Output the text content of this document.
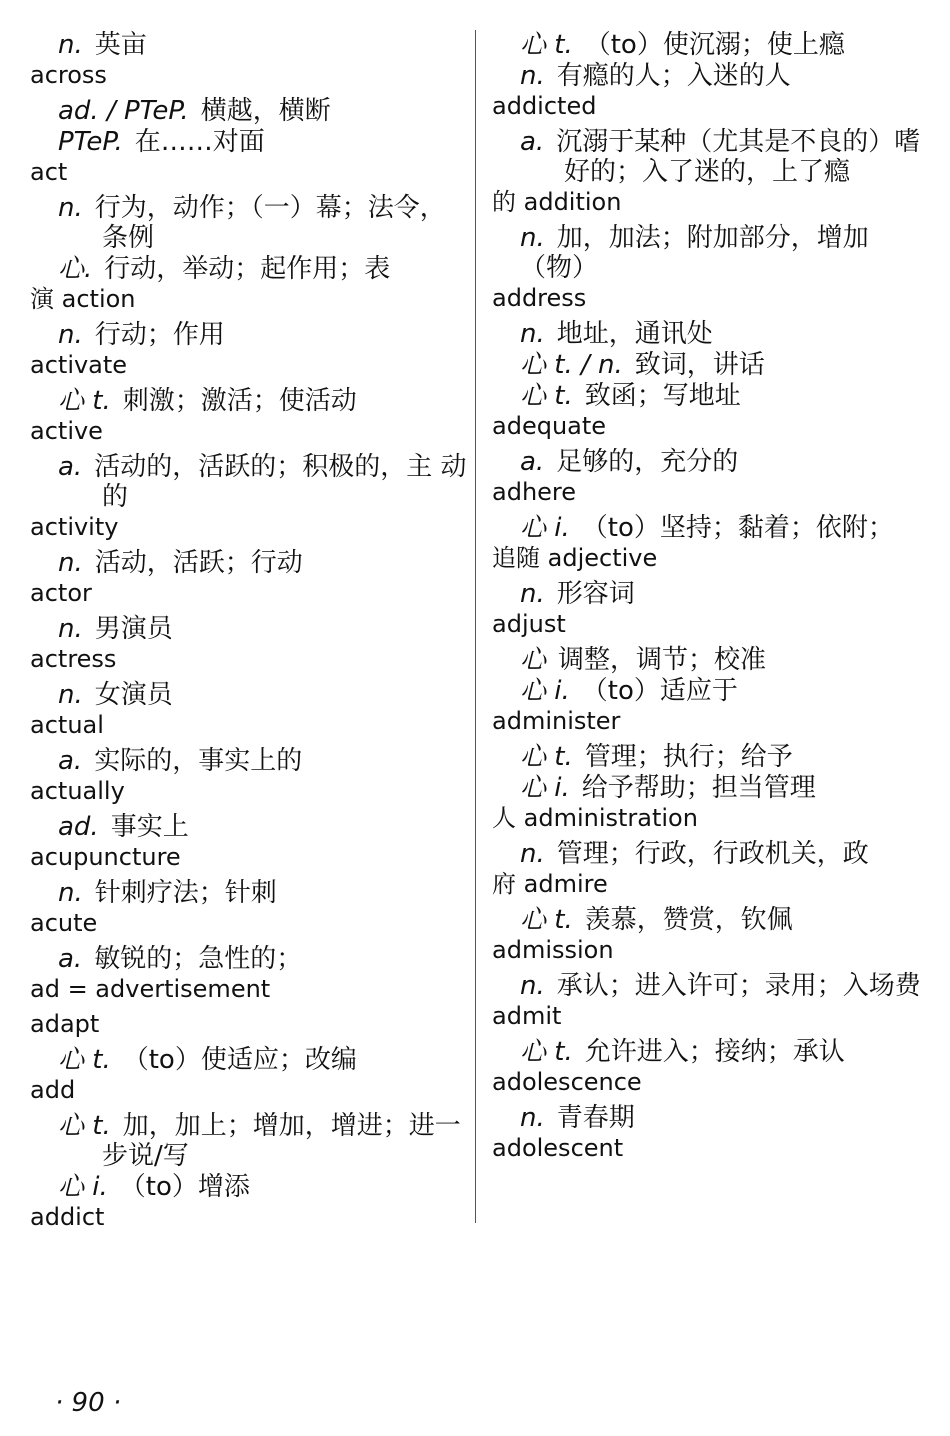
n. 英亩
across
ad. / PTeP. 横越，横断
PTeP. 在……对面
act
n. 行为，动作；（一）幕；法令，条例
心. 行动，举动；起作用；表
演 action
n. 行动；作用
activate
心 t. 刺激；激活；使活动
active
a. 活动的，活跃的；积极的，主 动的
activity
n. 活动，活跃；行动
actor
n. 男演员
actress
n. 女演员
actual
a. 实际的，事实上的
actually
ad. 事实上
acupuncture
n. 针刺疗法；针刺
acute
a. 敏锐的；急性的；
ad = advertisement
adapt
心 t. （to）使适应；改编
add
心 t. 加，加上；增加，增进；进一步说/写
心 i. （to）增添
addict
心 t. （to）使沉溺；使上瘾
n. 有瘾的人；入迷的人
addicted
a. 沉溺于某种（尤其是不良的）嗜好的；入了迷的，上了瘾
的 addition
n. 加，加法；附加部分，增加（物）
address
n. 地址，通讯处
心 t. / n. 致词，讲话
心 t. 致函；写地址
adequate
a. 足够的，充分的
adhere
心 i. （to）坚持；黏着；依附；
追随 adjective
n. 形容词
adjust
心 调整，调节；校准
心 i. （to）适应于
administer
心 t. 管理；执行；给予
心 i. 给予帮助；担当管理
人 administration
n. 管理；行政，行政机关，政
府 admire
心 t. 羡慕，赞赏，钦佩
admission
n. 承认；进入许可；录用；入场费
admit
心 t. 允许进入；接纳；承认
adolescence
n. 青春期
adolescent
· 90 ·
